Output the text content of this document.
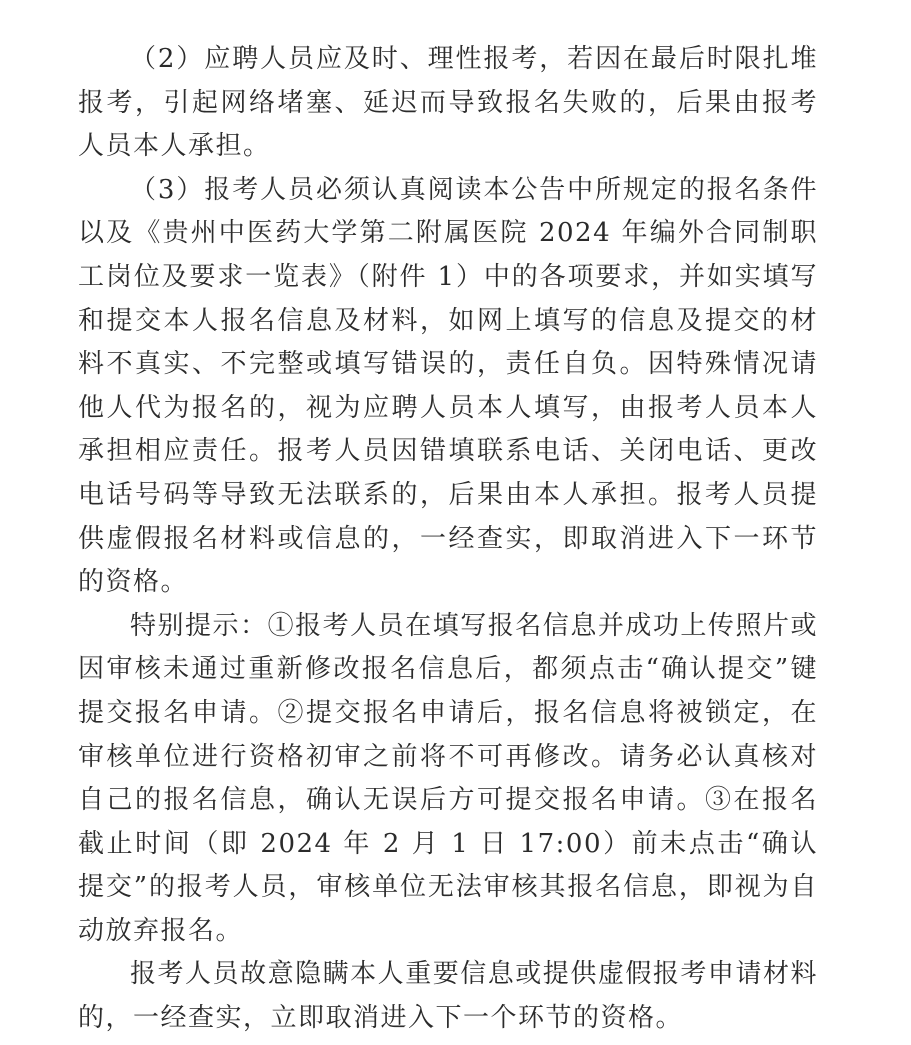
（2）应聘人员应及时、理性报考，若因在最后时限扎堆报考，引起网络堵塞、延迟而导致报名失败的，后果由报考人员本人承担。

（3）报考人员必须认真阅读本公告中所规定的报名条件以及《贵州中医药大学第二附属医院 2024 年编外合同制职工岗位及要求一览表》（附件 1）中的各项要求，并如实填写和提交本人报名信息及材料，如网上填写的信息及提交的材料不真实、不完整或填写错误的，责任自负。因特殊情况请他人代为报名的，视为应聘人员本人填写，由报考人员本人承担相应责任。报考人员因错填联系电话、关闭电话、更改电话号码等导致无法联系的，后果由本人承担。报考人员提供虚假报名材料或信息的，一经查实，即取消进入下一环节的资格。

特别提示：①报考人员在填写报名信息并成功上传照片或因审核未通过重新修改报名信息后，都须点击“确认提交”键提交报名申请。②提交报名申请后，报名信息将被锁定，在审核单位进行资格初审之前将不可再修改。请务必认真核对自己的报名信息，确认无误后方可提交报名申请。③在报名截止时间（即 2024 年 2 月 1 日 17:00）前未点击“确认提交”的报考人员，审核单位无法审核其报名信息，即视为自动放弃报名。

报考人员故意隐瞒本人重要信息或提供虚假报考申请材料的，一经查实，立即取消进入下一个环节的资格。
